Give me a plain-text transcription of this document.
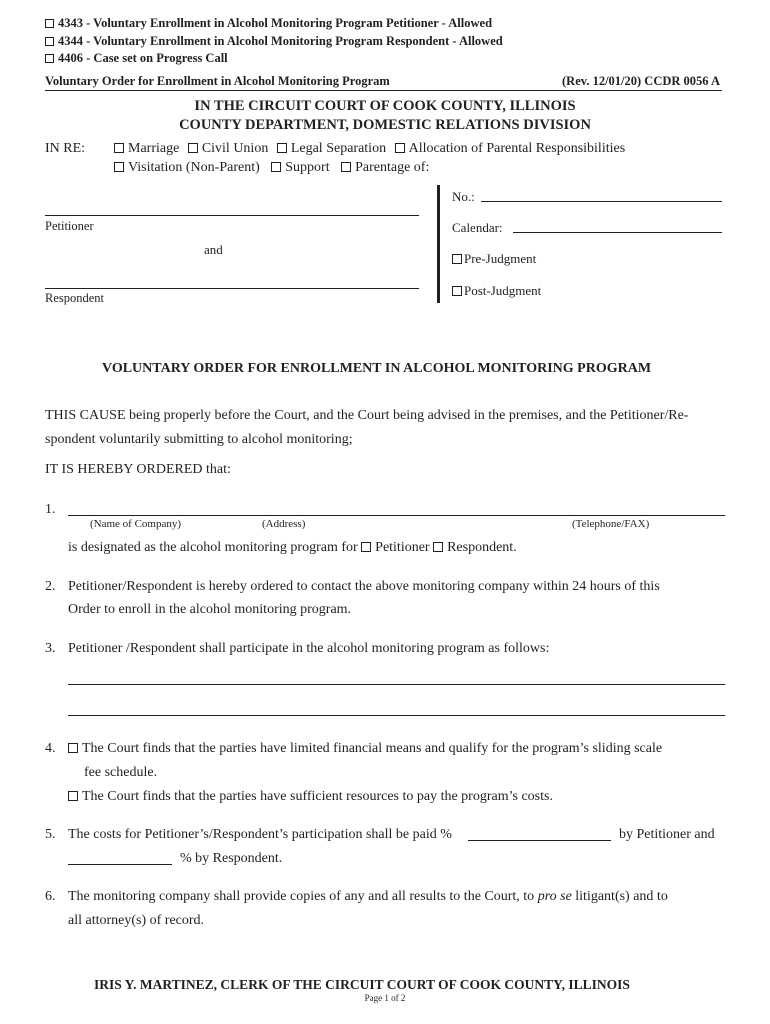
4343 - Voluntary Enrollment in Alcohol Monitoring Program Petitioner - Allowed
4344 - Voluntary Enrollment in Alcohol Monitoring Program Respondent - Allowed
4406 - Case set on Progress Call
Voluntary Order for Enrollment in Alcohol Monitoring Program	(Rev. 12/01/20) CCDR 0056 A
IN THE CIRCUIT COURT OF COOK COUNTY, ILLINOIS
COUNTY DEPARTMENT, DOMESTIC RELATIONS DIVISION
IN RE:	Marriage Civil Union Legal Separation Allocation of Parental Responsibilities
Visitation (Non-Parent) Support Parentage of:
Petitioner
and
Respondent
No.:
Calendar:
Pre-Judgment
Post-Judgment
VOLUNTARY ORDER FOR ENROLLMENT IN ALCOHOL MONITORING PROGRAM
THIS CAUSE being properly before the Court, and the Court being advised in the premises, and the Petitioner/Re-
spondent voluntarily submitting to alcohol monitoring;
IT IS HEREBY ORDERED that:
1.
(Name of Company)	(Address)	(Telephone/FAX)
is designated as the alcohol monitoring program for Petitioner Respondent.
2. Petitioner/Respondent is hereby ordered to contact the above monitoring company within 24 hours of this
Order to enroll in the alcohol monitoring program.
3. Petitioner /Respondent shall participate in the alcohol monitoring program as follows:
4.	The Court finds that the parties have limited financial means and qualify for the program’s sliding scale
fee schedule.
The Court finds that the parties have sufficient resources to pay the program’s costs.
5. The costs for Petitioner’s/Respondent’s participation shall be paid %	by Petitioner and
% by Respondent.
6. The monitoring company shall provide copies of any and all results to the Court, to pro se litigant(s) and to
all attorney(s) of record.
IRIS Y. MARTINEZ, CLERK OF THE CIRCUIT COURT OF COOK COUNTY, ILLINOIS
Page 1 of 2
